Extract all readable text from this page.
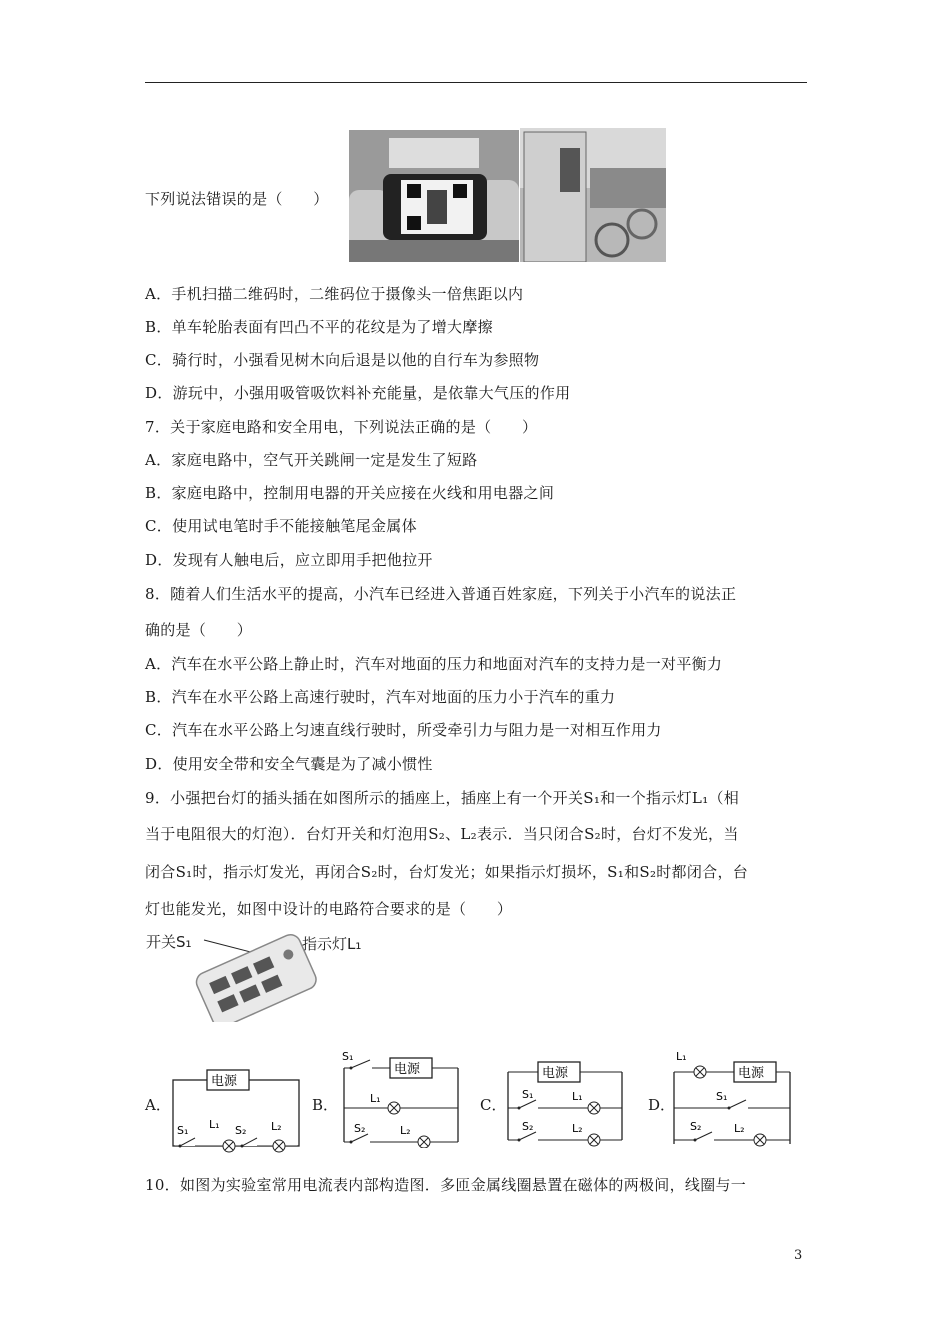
下列说法错误的是（　　）
A．手机扫描二维码时，二维码位于摄像头一倍焦距以内
B．单车轮胎表面有凹凸不平的花纹是为了增大摩擦
C．骑行时，小强看见树木向后退是以他的自行车为参照物
D．游玩中，小强用吸管吸饮料补充能量，是依靠大气压的作用
7．关于家庭电路和安全用电，下列说法正确的是（　　）
A．家庭电路中，空气开关跳闸一定是发生了短路
B．家庭电路中，控制用电器的开关应接在火线和用电器之间
C．使用试电笔时手不能接触笔尾金属体
D．发现有人触电后，应立即用手把他拉开
8．随着人们生活水平的提高，小汽车已经进入普通百姓家庭，下列关于小汽车的说法正
确的是（　　）
A．汽车在水平公路上静止时，汽车对地面的压力和地面对汽车的支持力是一对平衡力
B．汽车在水平公路上高速行驶时，汽车对地面的压力小于汽车的重力
C．汽车在水平公路上匀速直线行驶时，所受牵引力与阻力是一对相互作用力
D．使用安全带和安全气囊是为了减小惯性
9．小强把台灯的插头插在如图所示的插座上，插座上有一个开关S₁和一个指示灯L₁（相
当于电阻很大的灯泡）．台灯开关和灯泡用S₂、L₂表示．当只闭合S₂时，台灯不发光，当
闭合S₁时，指示灯发光，再闭合S₂时，台灯发光；如果指示灯损坏，S₁和S₂时都闭合，台
灯也能发光，如图中设计的电路符合要求的是（　　）
开关S₁	指示灯L₁
A．
电源
S₁ L₁ S₂ L₂
B．
S₁
电源
L₁
S₂	L₂
C．
电源
S₁	L₁
S₂	L₂
D．
L₁
电源
S₁
S₂	L₂
10．如图为实验室常用电流表内部构造图．多匝金属线圈悬置在磁体的两极间，线圈与一
3
